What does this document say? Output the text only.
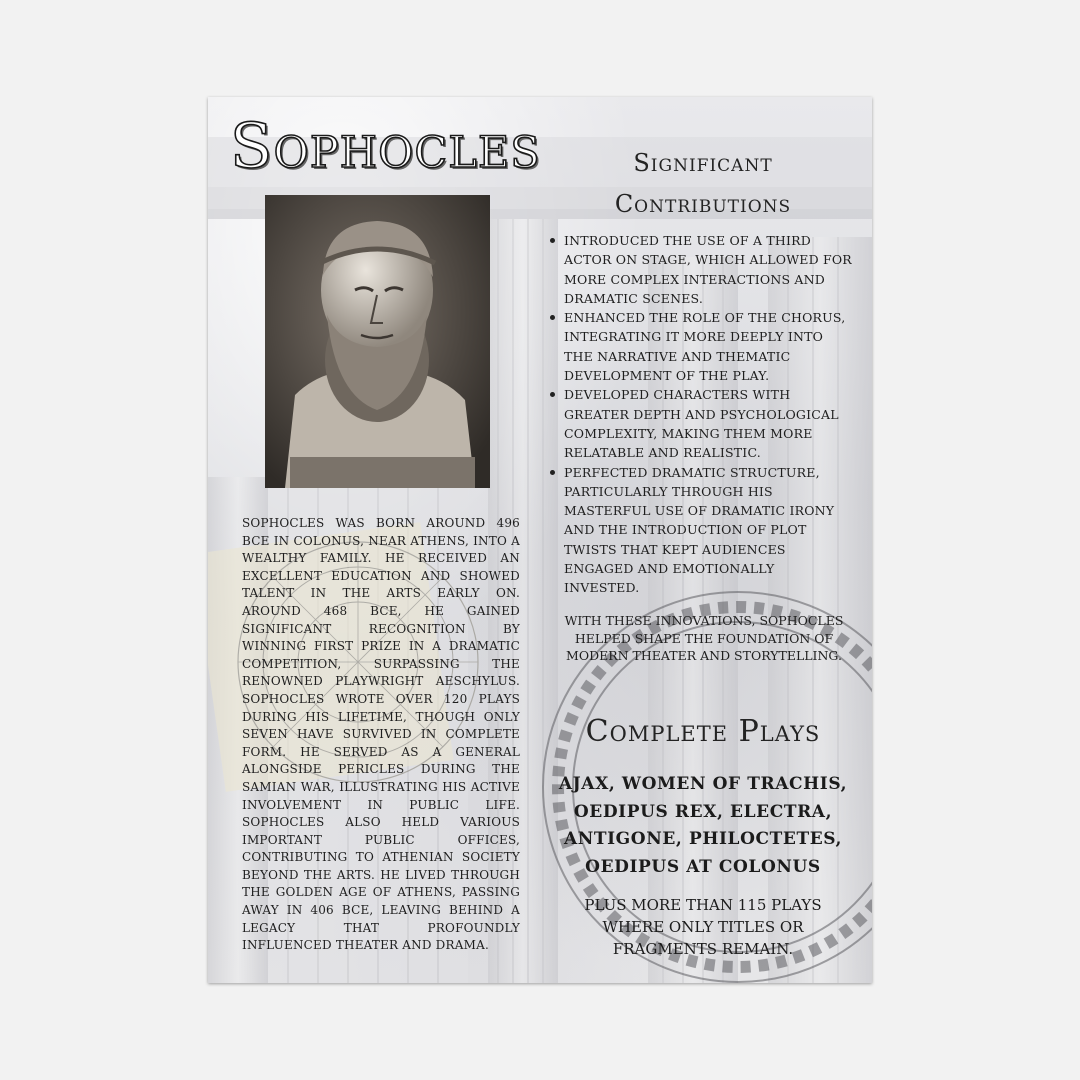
Sophocles

SOPHOCLES WAS BORN AROUND 496 BCE IN COLONUS, NEAR ATHENS, INTO A WEALTHY FAMILY. HE RECEIVED AN EXCELLENT EDUCATION AND SHOWED TALENT IN THE ARTS EARLY ON. AROUND 468 BCE, HE GAINED SIGNIFICANT RECOGNITION BY WINNING FIRST PRIZE IN A DRAMATIC COMPETITION, SURPASSING THE RENOWNED PLAYWRIGHT AESCHYLUS. SOPHOCLES WROTE OVER 120 PLAYS DURING HIS LIFETIME, THOUGH ONLY SEVEN HAVE SURVIVED IN COMPLETE FORM. HE SERVED AS A GENERAL ALONGSIDE PERICLES DURING THE SAMIAN WAR, ILLUSTRATING HIS ACTIVE INVOLVEMENT IN PUBLIC LIFE. SOPHOCLES ALSO HELD VARIOUS IMPORTANT PUBLIC OFFICES, CONTRIBUTING TO ATHENIAN SOCIETY BEYOND THE ARTS. HE LIVED THROUGH THE GOLDEN AGE OF ATHENS, PASSING AWAY IN 406 BCE, LEAVING BEHIND A LEGACY THAT PROFOUNDLY INFLUENCED THEATER AND DRAMA.

Significant Contributions
INTRODUCED THE USE OF A THIRD ACTOR ON STAGE, WHICH ALLOWED FOR MORE COMPLEX INTERACTIONS AND DRAMATIC SCENES.
ENHANCED THE ROLE OF THE CHORUS, INTEGRATING IT MORE DEEPLY INTO THE NARRATIVE AND THEMATIC DEVELOPMENT OF THE PLAY.
DEVELOPED CHARACTERS WITH GREATER DEPTH AND PSYCHOLOGICAL COMPLEXITY, MAKING THEM MORE RELATABLE AND REALISTIC.
PERFECTED DRAMATIC STRUCTURE, PARTICULARLY THROUGH HIS MASTERFUL USE OF DRAMATIC IRONY AND THE INTRODUCTION OF PLOT TWISTS THAT KEPT AUDIENCES ENGAGED AND EMOTIONALLY INVESTED.

WITH THESE INNOVATIONS, SOPHOCLES HELPED SHAPE THE FOUNDATION OF MODERN THEATER AND STORYTELLING.

Complete Plays

AJAX, WOMEN OF TRACHIS, OEDIPUS REX, ELECTRA, ANTIGONE, PHILOCTETES, OEDIPUS AT COLONUS

PLUS MORE THAN 115 PLAYS WHERE ONLY TITLES OR FRAGMENTS REMAIN.
